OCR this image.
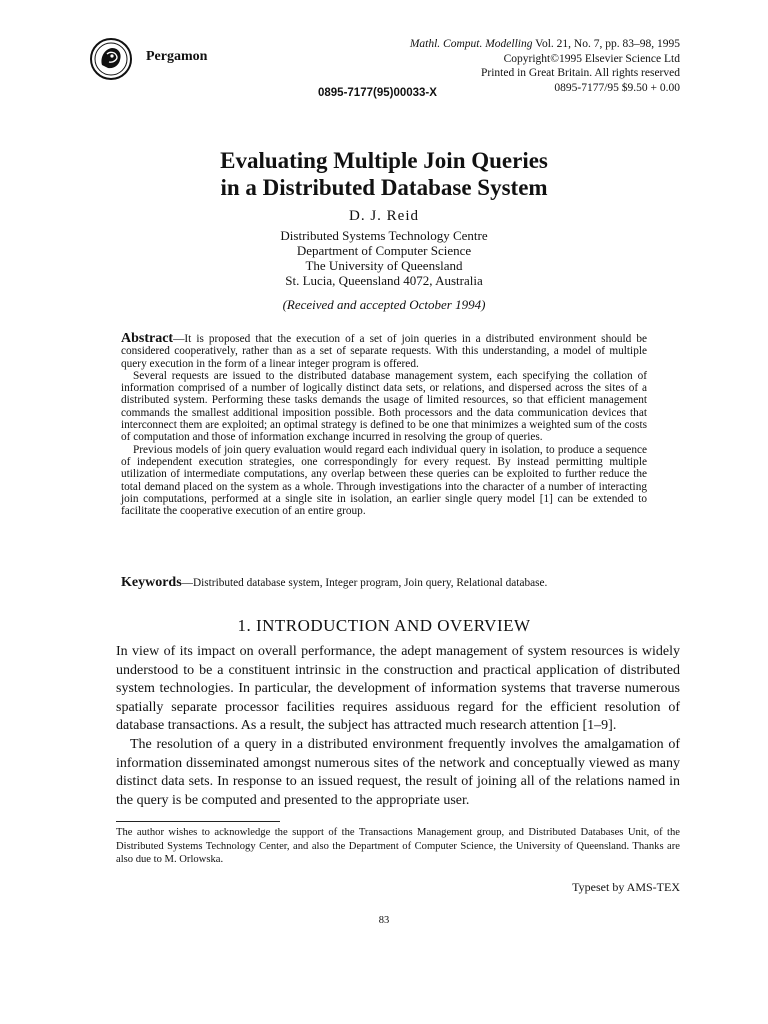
Pergamon
Mathl. Comput. Modelling Vol. 21, No. 7, pp. 83–98, 1995
Copyright©1995 Elsevier Science Ltd
Printed in Great Britain. All rights reserved
0895-7177/95 $9.50 + 0.00
0895-7177(95)00033-X
Evaluating Multiple Join Queries
in a Distributed Database System
D. J. Reid
Distributed Systems Technology Centre
Department of Computer Science
The University of Queensland
St. Lucia, Queensland 4072, Australia
(Received and accepted October 1994)

Abstract—It is proposed that the execution of a set of join queries in a distributed environment should be considered cooperatively, rather than as a set of separate requests. With this understanding, a model of multiple query execution in the form of a linear integer program is offered.

Several requests are issued to the distributed database management system, each specifying the collation of information comprised of a number of logically distinct data sets, or relations, and dispersed across the sites of a distributed system. Performing these tasks demands the usage of limited resources, so that efficient management commands the smallest additional imposition possible. Both processors and the data communication devices that interconnect them are exploited; an optimal strategy is defined to be one that minimizes a weighted sum of the costs of computation and those of information exchange incurred in resolving the group of queries.

Previous models of join query evaluation would regard each individual query in isolation, to produce a sequence of independent execution strategies, one correspondingly for every request. By instead permitting multiple utilization of intermediate computations, any overlap between these queries can be exploited to further reduce the total demand placed on the system as a whole. Through investigations into the character of a number of interacting join computations, performed at a single site in isolation, an earlier single query model [1] can be extended to facilitate the cooperative execution of an entire group.

Keywords—Distributed database system, Integer program, Join query, Relational database.
1. INTRODUCTION AND OVERVIEW

In view of its impact on overall performance, the adept management of system resources is widely understood to be a constituent intrinsic in the construction and practical application of distributed system technologies. In particular, the development of information systems that traverse numerous spatially separate processor facilities requires assiduous regard for the efficient resolution of database transactions. As a result, the subject has attracted much research attention [1–9].

The resolution of a query in a distributed environment frequently involves the amalgamation of information disseminated amongst numerous sites of the network and conceptually viewed as many distinct data sets. In response to an issued request, the result of joining all of the relations named in the query is be computed and presented to the appropriate user.

The author wishes to acknowledge the support of the Transactions Management group, and Distributed Databases Unit, of the Distributed Systems Technology Center, and also the Department of Computer Science, the University of Queensland. Thanks are also due to M. Orlowska.
Typeset by AMS-TEX
83
